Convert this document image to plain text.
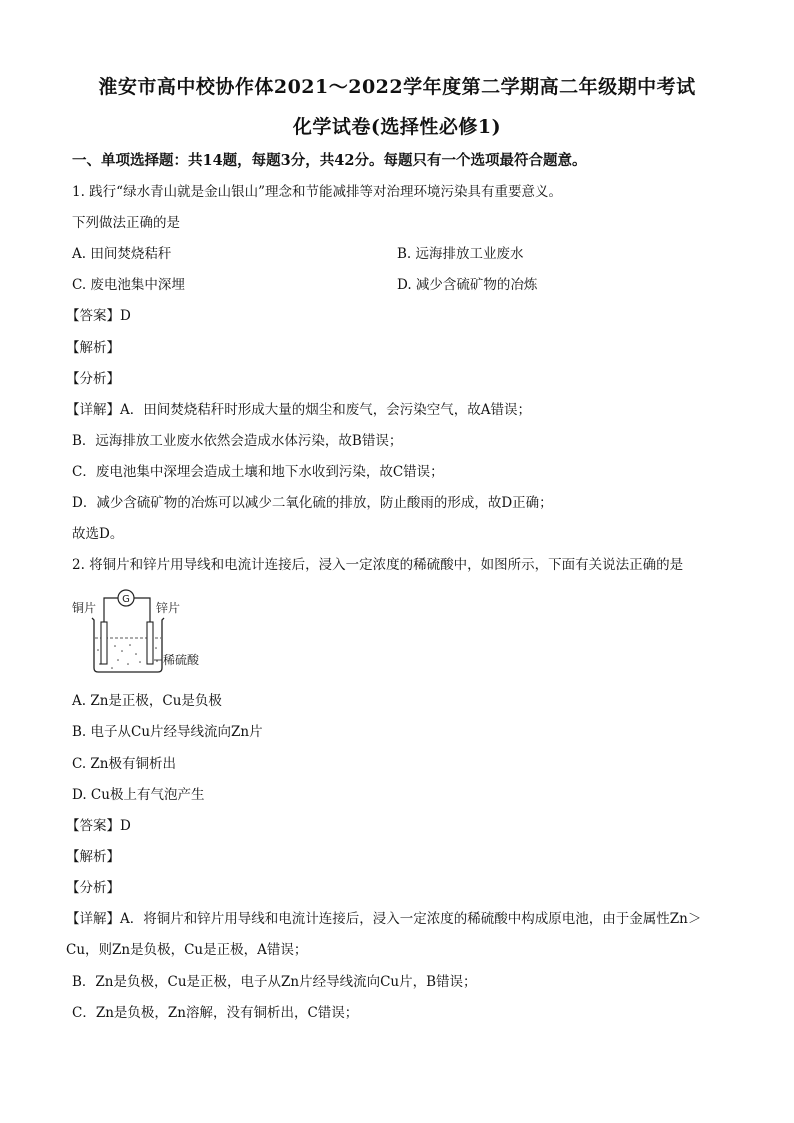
淮安市高中校协作体2021～2022学年度第二学期高二年级期中考试
化学试卷(选择性必修1)
一、单项选择题：共14题，每题3分，共42分。每题只有一个选项最符合题意。
1. 践行“绿水青山就是金山银山”理念和节能减排等对治理环境污染具有重要意义。
下列做法正确的是
A. 田间焚烧秸秆	B. 远海排放工业废水
C. 废电池集中深埋	D. 减少含硫矿物的冶炼
【答案】D
【解析】
【分析】
【详解】A．田间焚烧秸秆时形成大量的烟尘和废气，会污染空气，故A错误；
B．远海排放工业废水依然会造成水体污染，故B错误；
C．废电池集中深埋会造成土壤和地下水收到污染，故C错误；
D．减少含硫矿物的冶炼可以减少二氧化硫的排放，防止酸雨的形成，故D正确；
故选D。
2. 将铜片和锌片用导线和电流计连接后，浸入一定浓度的稀硫酸中，如图所示，下面有关说法正确的是
G
铜片	锌片
稀硫酸
A. Zn是正极，Cu是负极
B. 电子从Cu片经导线流向Zn片
C. Zn极有铜析出
D. Cu极上有气泡产生
【答案】D
【解析】
【分析】
【详解】A．将铜片和锌片用导线和电流计连接后，浸入一定浓度的稀硫酸中构成原电池，由于金属性Zn＞Cu，则Zn是负极，Cu是正极，A错误；
B．Zn是负极，Cu是正极，电子从Zn片经导线流向Cu片，B错误；
C．Zn是负极，Zn溶解，没有铜析出，C错误；
